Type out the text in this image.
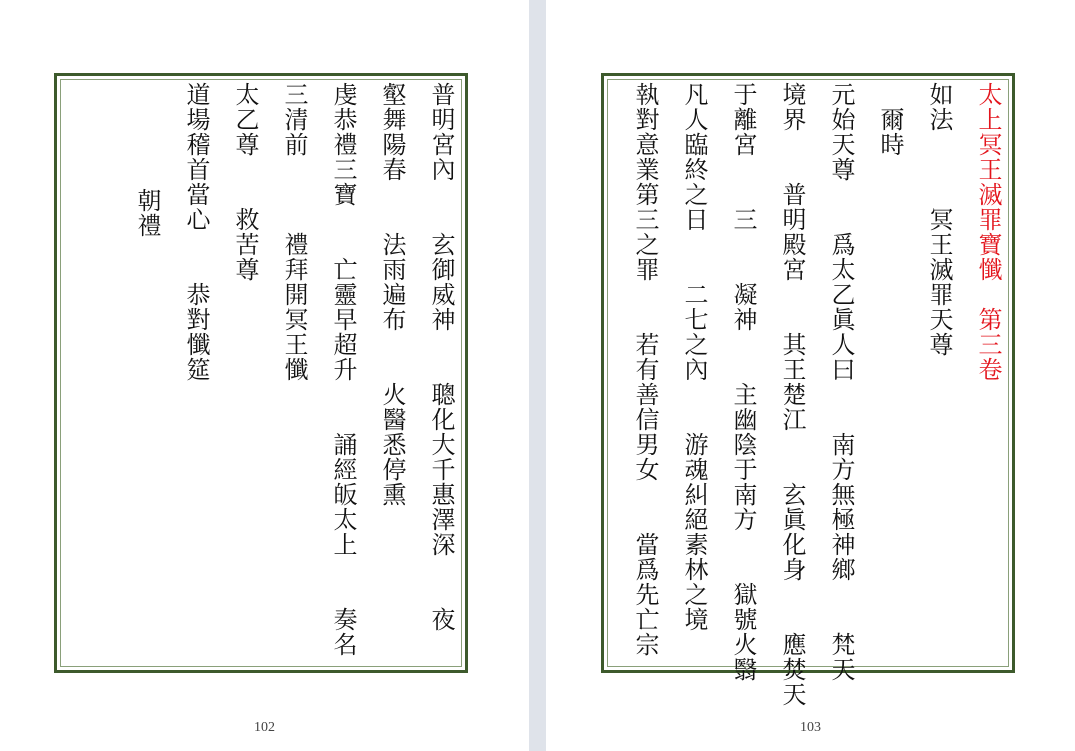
普明宮內　　玄御威神　　聰化大千惠澤深　　夜
壑舞陽春　　法雨遍布　　火醫悉停熏
虔恭禮三寶　　亡靈早超升　　誦經皈太上　　奏名
三清前　　　禮拜開冥王懺
太乙尊　　救苦尊
道場稽首當心　　恭對懺筵
　　朝禮
102
太上冥王滅罪寶懺　第三卷
如法　　　冥王滅罪天尊
　爾時
元始天尊　　爲太乙眞人曰　　南方無極神鄉　　梵天
境界　　普明殿宮　　其王楚江　　玄眞化身　　應焚天
于離宮　　三　　凝神　　主幽陰于南方　　獄號火翳
凡人臨終之日　　二七之內　　游魂糾絕素林之境
執對意業第三之罪　　若有善信男女　　當爲先亡宗
103
